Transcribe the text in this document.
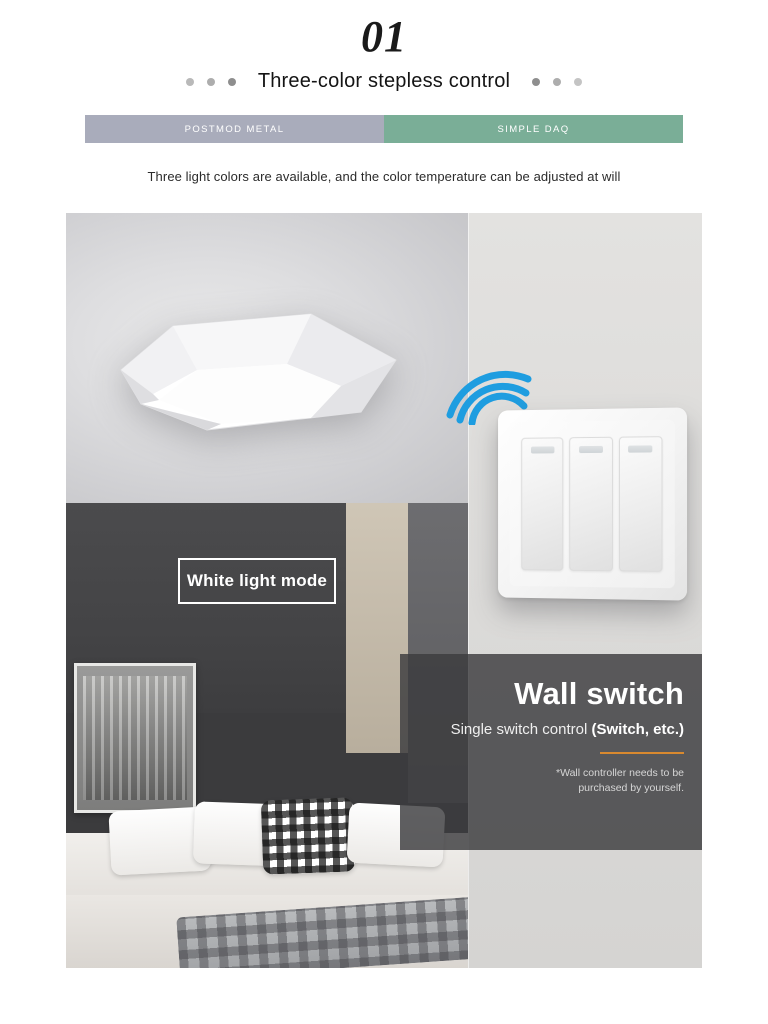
01
Three-color stepless control
POSTMOD METAL	SIMPLE DAQ
Three light colors are available, and the color temperature can be adjusted at will
White light mode
Wall switch
Single switch control (Switch, etc.)
*Wall controller needs to be
purchased by yourself.
